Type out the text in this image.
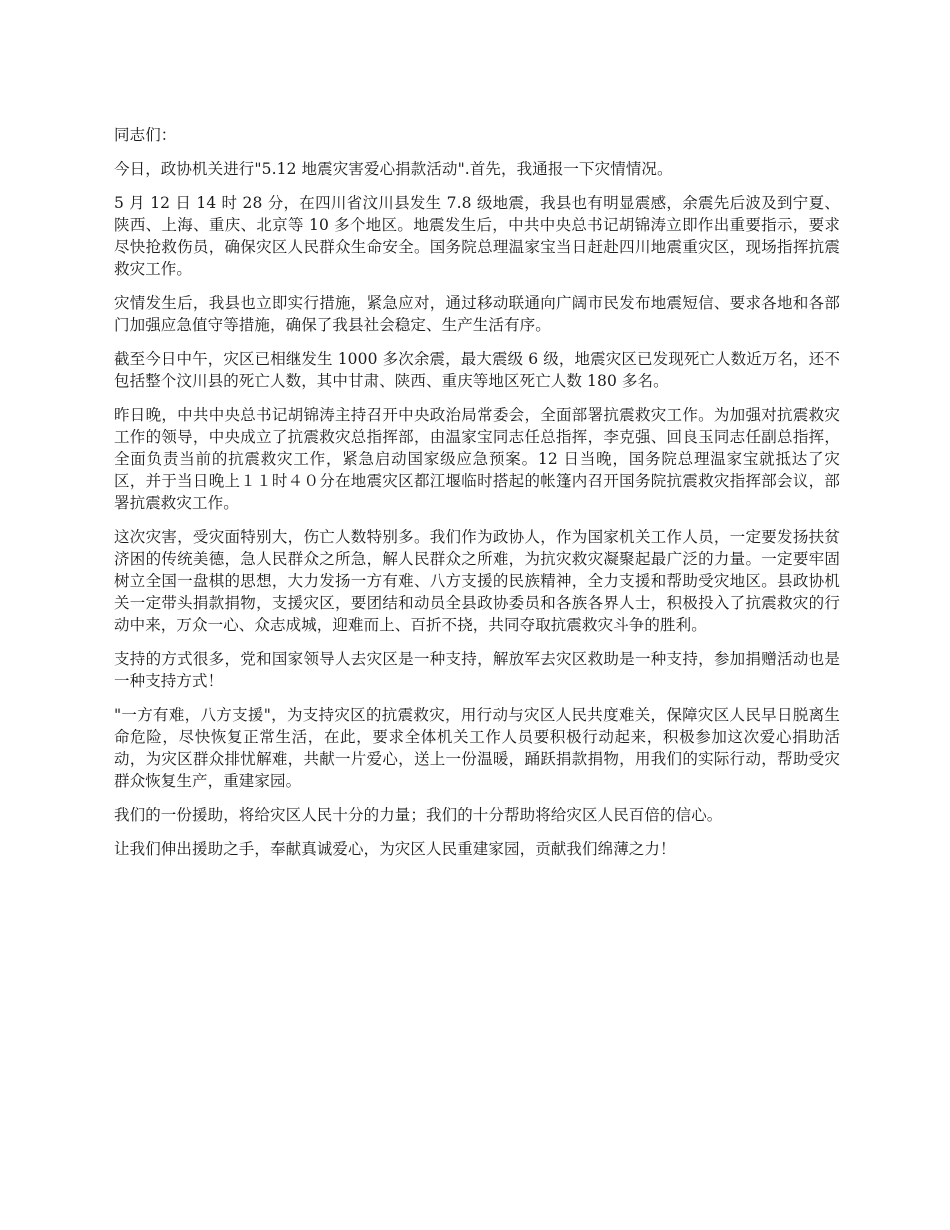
同志们：

今日，政协机关进行"5.12 地震灾害爱心捐款活动".首先，我通报一下灾情情况。

5 月 12 日 14 时 28 分，在四川省汶川县发生 7.8 级地震，我县也有明显震感，余震先后波及到宁夏、陕西、上海、重庆、北京等 10 多个地区。地震发生后，中共中央总书记胡锦涛立即作出重要指示，要求尽快抢救伤员，确保灾区人民群众生命安全。国务院总理温家宝当日赶赴四川地震重灾区，现场指挥抗震救灾工作。

灾情发生后，我县也立即实行措施，紧急应对，通过移动联通向广阔市民发布地震短信、要求各地和各部门加强应急值守等措施，确保了我县社会稳定、生产生活有序。

截至今日中午，灾区已相继发生 1000 多次余震，最大震级 6 级，地震灾区已发现死亡人数近万名，还不包括整个汶川县的死亡人数，其中甘肃、陕西、重庆等地区死亡人数 180 多名。

昨日晚，中共中央总书记胡锦涛主持召开中央政治局常委会，全面部署抗震救灾工作。为加强对抗震救灾工作的领导，中央成立了抗震救灾总指挥部，由温家宝同志任总指挥，李克强、回良玉同志任副总指挥，全面负责当前的抗震救灾工作，紧急启动国家级应急预案。12 日当晚，国务院总理温家宝就抵达了灾区，并于当日晚上１１时４０分在地震灾区都江堰临时搭起的帐篷内召开国务院抗震救灾指挥部会议，部署抗震救灾工作。

这次灾害，受灾面特别大，伤亡人数特别多。我们作为政协人，作为国家机关工作人员，一定要发扬扶贫济困的传统美德，急人民群众之所急，解人民群众之所难，为抗灾救灾凝聚起最广泛的力量。一定要牢固树立全国一盘棋的思想，大力发扬一方有难、八方支援的民族精神，全力支援和帮助受灾地区。县政协机关一定带头捐款捐物，支援灾区，要团结和动员全县政协委员和各族各界人士，积极投入了抗震救灾的行动中来，万众一心、众志成城，迎难而上、百折不挠，共同夺取抗震救灾斗争的胜利。

支持的方式很多，党和国家领导人去灾区是一种支持，解放军去灾区救助是一种支持，参加捐赠活动也是一种支持方式！

"一方有难，八方支援"，为支持灾区的抗震救灾，用行动与灾区人民共度难关，保障灾区人民早日脱离生命危险，尽快恢复正常生活，在此，要求全体机关工作人员要积极行动起来，积极参加这次爱心捐助活动，为灾区群众排忧解难，共献一片爱心，送上一份温暖，踊跃捐款捐物，用我们的实际行动，帮助受灾群众恢复生产，重建家园。

我们的一份援助，将给灾区人民十分的力量；我们的十分帮助将给灾区人民百倍的信心。

让我们伸出援助之手，奉献真诚爱心，为灾区人民重建家园，贡献我们绵薄之力！
